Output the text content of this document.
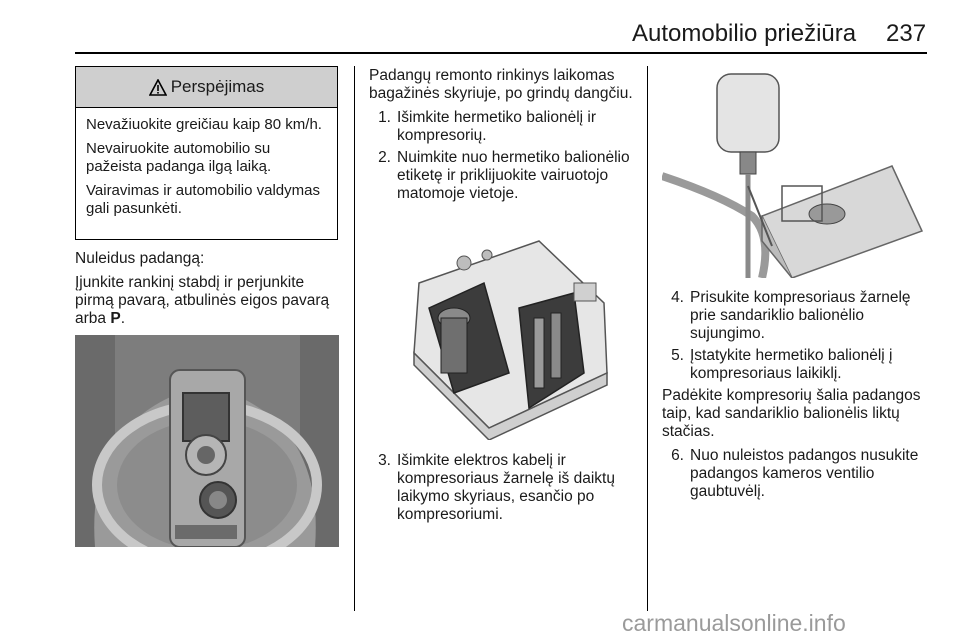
Automobilio priežiūra 237
Perspėjimas

Nevažiuokite greičiau kaip 80 km/h.

Nevairuokite automobilio su pažeista padanga ilgą laiką.

Vairavimas ir automobilio valdymas gali pasunkėti.

Nuleidus padangą:

Įjunkite rankinį stabdį ir perjunkite pirmą pavarą, atbulinės eigos pavarą arba P.

Padangų remonto rinkinys laikomas bagažinės skyriuje, po grindų dangčiu.

1. Išimkite hermetiko balionėlį ir kompresorių.
2. Nuimkite nuo hermetiko balionėlio etiketę ir priklijuokite vairuotojo matomoje vietoje.
3. Išimkite elektros kabelį ir kompresoriaus žarnelę iš daiktų laikymo skyriaus, esančio po kompresoriumi.
4. Prisukite kompresoriaus žarnelę prie sandariklio balionėlio sujungimo.
5. Įstatykite hermetiko balionėlį į kompresoriaus laikiklį.

Padėkite kompresorių šalia padangos taip, kad sandariklio balionėlis liktų stačias.

6. Nuo nuleistos padangos nusukite padangos kameros ventilio gaubtuvėlį.
carmanualsonline.info
